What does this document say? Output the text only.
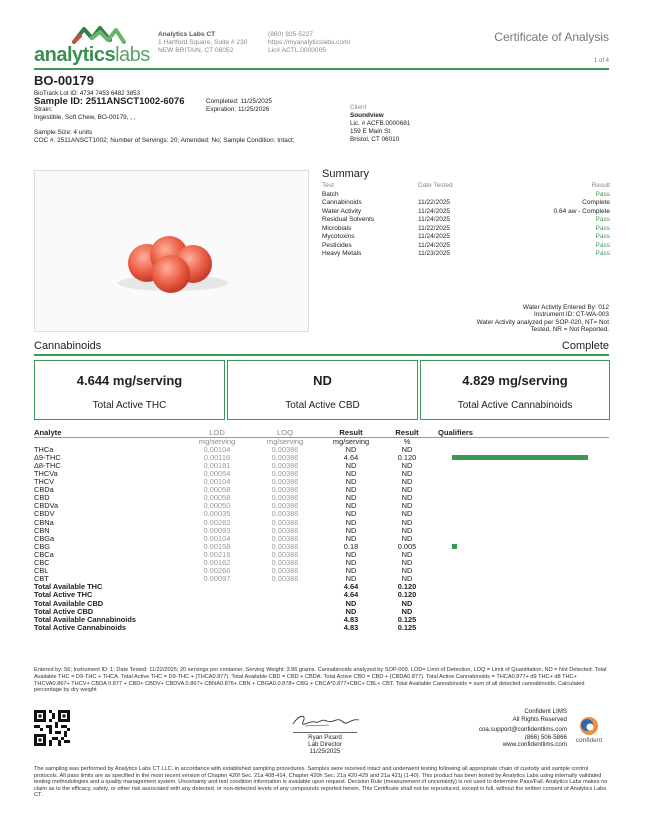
analyticslabs
Analytics Labs CT
1 Hartford Square, Suite # 230
NEW BRITAIN, CT 06052
(860) 925-5227
https://myanalyticslabs.com/
Lic# ACTL.0000005
Certificate of Analysis
1 of 4
BO-00179
BioTrack Lot ID: 4734 7453 6482 3853
Sample ID: 2511ANSCT1002-6076	Completed: 11/25/2025
Expiration: 11/25/2026
Strain:
Ingestible, Soft Chew, BO-00179, , ,
Sample Size: 4 units
COC #: 2511ANSCT1002; Number of Servings: 20; Amended: No; Sample Condition: Intact;
Client
Soundview
Lic. # ACFB.0000681
159 E Main St
Bristol, CT 06010
Summary
Test	Date Tested	Result
Batch	Pass
Cannabinoids	11/22/2025	Complete
Water Activity	11/24/2025	0.64 aw - Complete
Residual Solvents	11/24/2025	Pass
Microbials	11/22/2025	Pass
Mycotoxins	11/24/2025	Pass
Pesticides	11/24/2025	Pass
Heavy Metals	11/23/2025	Pass
Water Activity Entered By: 012
Instrument ID: CT-WA-003
Water Activity analyzed per SOP-020, NT= Not
Tested, NR = Not Reported.
Cannabinoids	Complete
4.644 mg/serving
Total Active THC
ND
Total Active CBD
4.829 mg/serving
Total Active Cannabinoids
Analyte	LOD	LOQ	Result	Result	Qualifiers
	mg/serving	mg/serving	mg/serving	%	
THCa	0.00104	0.00386	ND	ND	
Δ9-THC	0.00116	0.00386	4.64	0.120	

Δ8-THC	0.00181	0.00386	ND	ND	
THCVa	0.00054	0.00386	ND	ND	
THCV	0.00104	0.00386	ND	ND	
CBDa	0.00058	0.00386	ND	ND	
CBD	0.00058	0.00386	ND	ND	
CBDVa	0.00050	0.00386	ND	ND	
CBDV	0.00035	0.00386	ND	ND	
CBNa	0.00282	0.00386	ND	ND	
CBN	0.00093	0.00386	ND	ND	
CBGa	0.00104	0.00386	ND	ND	
CBG	0.00158	0.00386	0.18	0.005	

CBCa	0.00216	0.00386	ND	ND	
CBC	0.00162	0.00386	ND	ND	
CBL	0.00266	0.00386	ND	ND	
CBT	0.00097	0.00386	ND	ND	
Total Available THC			4.64	0.120	
Total Active THC			4.64	0.120	
Total Available CBD			ND	ND	
Total Active CBD			ND	ND	
Total Available Cannabinoids			4.83	0.125	
Total Active Cannabinoids			4.83	0.125	
Entered by: 56; Instrument ID: 1; Date Tested: 11/22/2025; 20 servings per container. Serving Weight: 3.86 grams. Cannabinoids analyzed by SOP-009. LOD= Limit of Detection, LOQ = Limit of Quantitation, ND = Not Detected. Total Available THC = D9-THC + THCA. Total Active THC = D9-THC + (THCA0.877). Total Available CBD = CBD + CBDA. Total Active CBD = CBD + (CBDA0.877). Total Active Cannabinoids = THCA0.877+ d9 THC+ d8 THC+ THCVA0.867+ THCV+ CBDA 0.877 + CBD+ CBDV+ CBDVA 0.867+ CBNA0.876+ CBN + CBGA0.0.878+ CBG + CBCA*0.877+CBC+ CBL+ CBT. Total Available Cannabinoids = sum of all detected cannabinoids. Calculated percentage by dry weight
Ryan Picard
Lab Director
11/25/2025
Confident LIMS
All Rights Reserved
coa.support@confidentlims.com
(866) 506-5866
www.confidentlims.com
confident
The sampling was performed by Analytics Labs CT LLC, in accordance with established sampling procedures. Samples were received intact and underwent testing following all appropriate chain of custody and sample control protocols. All pass limits are as specified in the most recent version of Chapter 420f Sec. 21a 408-414, Chapter 420h Sec. 21a 420-429 and 21a 421j (1-40). This product has been tested by Analytics Labs using internally validated testing methodologies and a quality management system. Uncertainty and test condition information is available upon request. Decision Rule (measurement of uncertainty) is not used to determine Pass/Fail. Analytics Labs makes no claim as to the efficacy, safety, or other risk associated with any detected, or non-detected levels of any compounds reported herein. This Certificate shall not be reproduced, except in full, without the written consent of Analytics Labs CT.
